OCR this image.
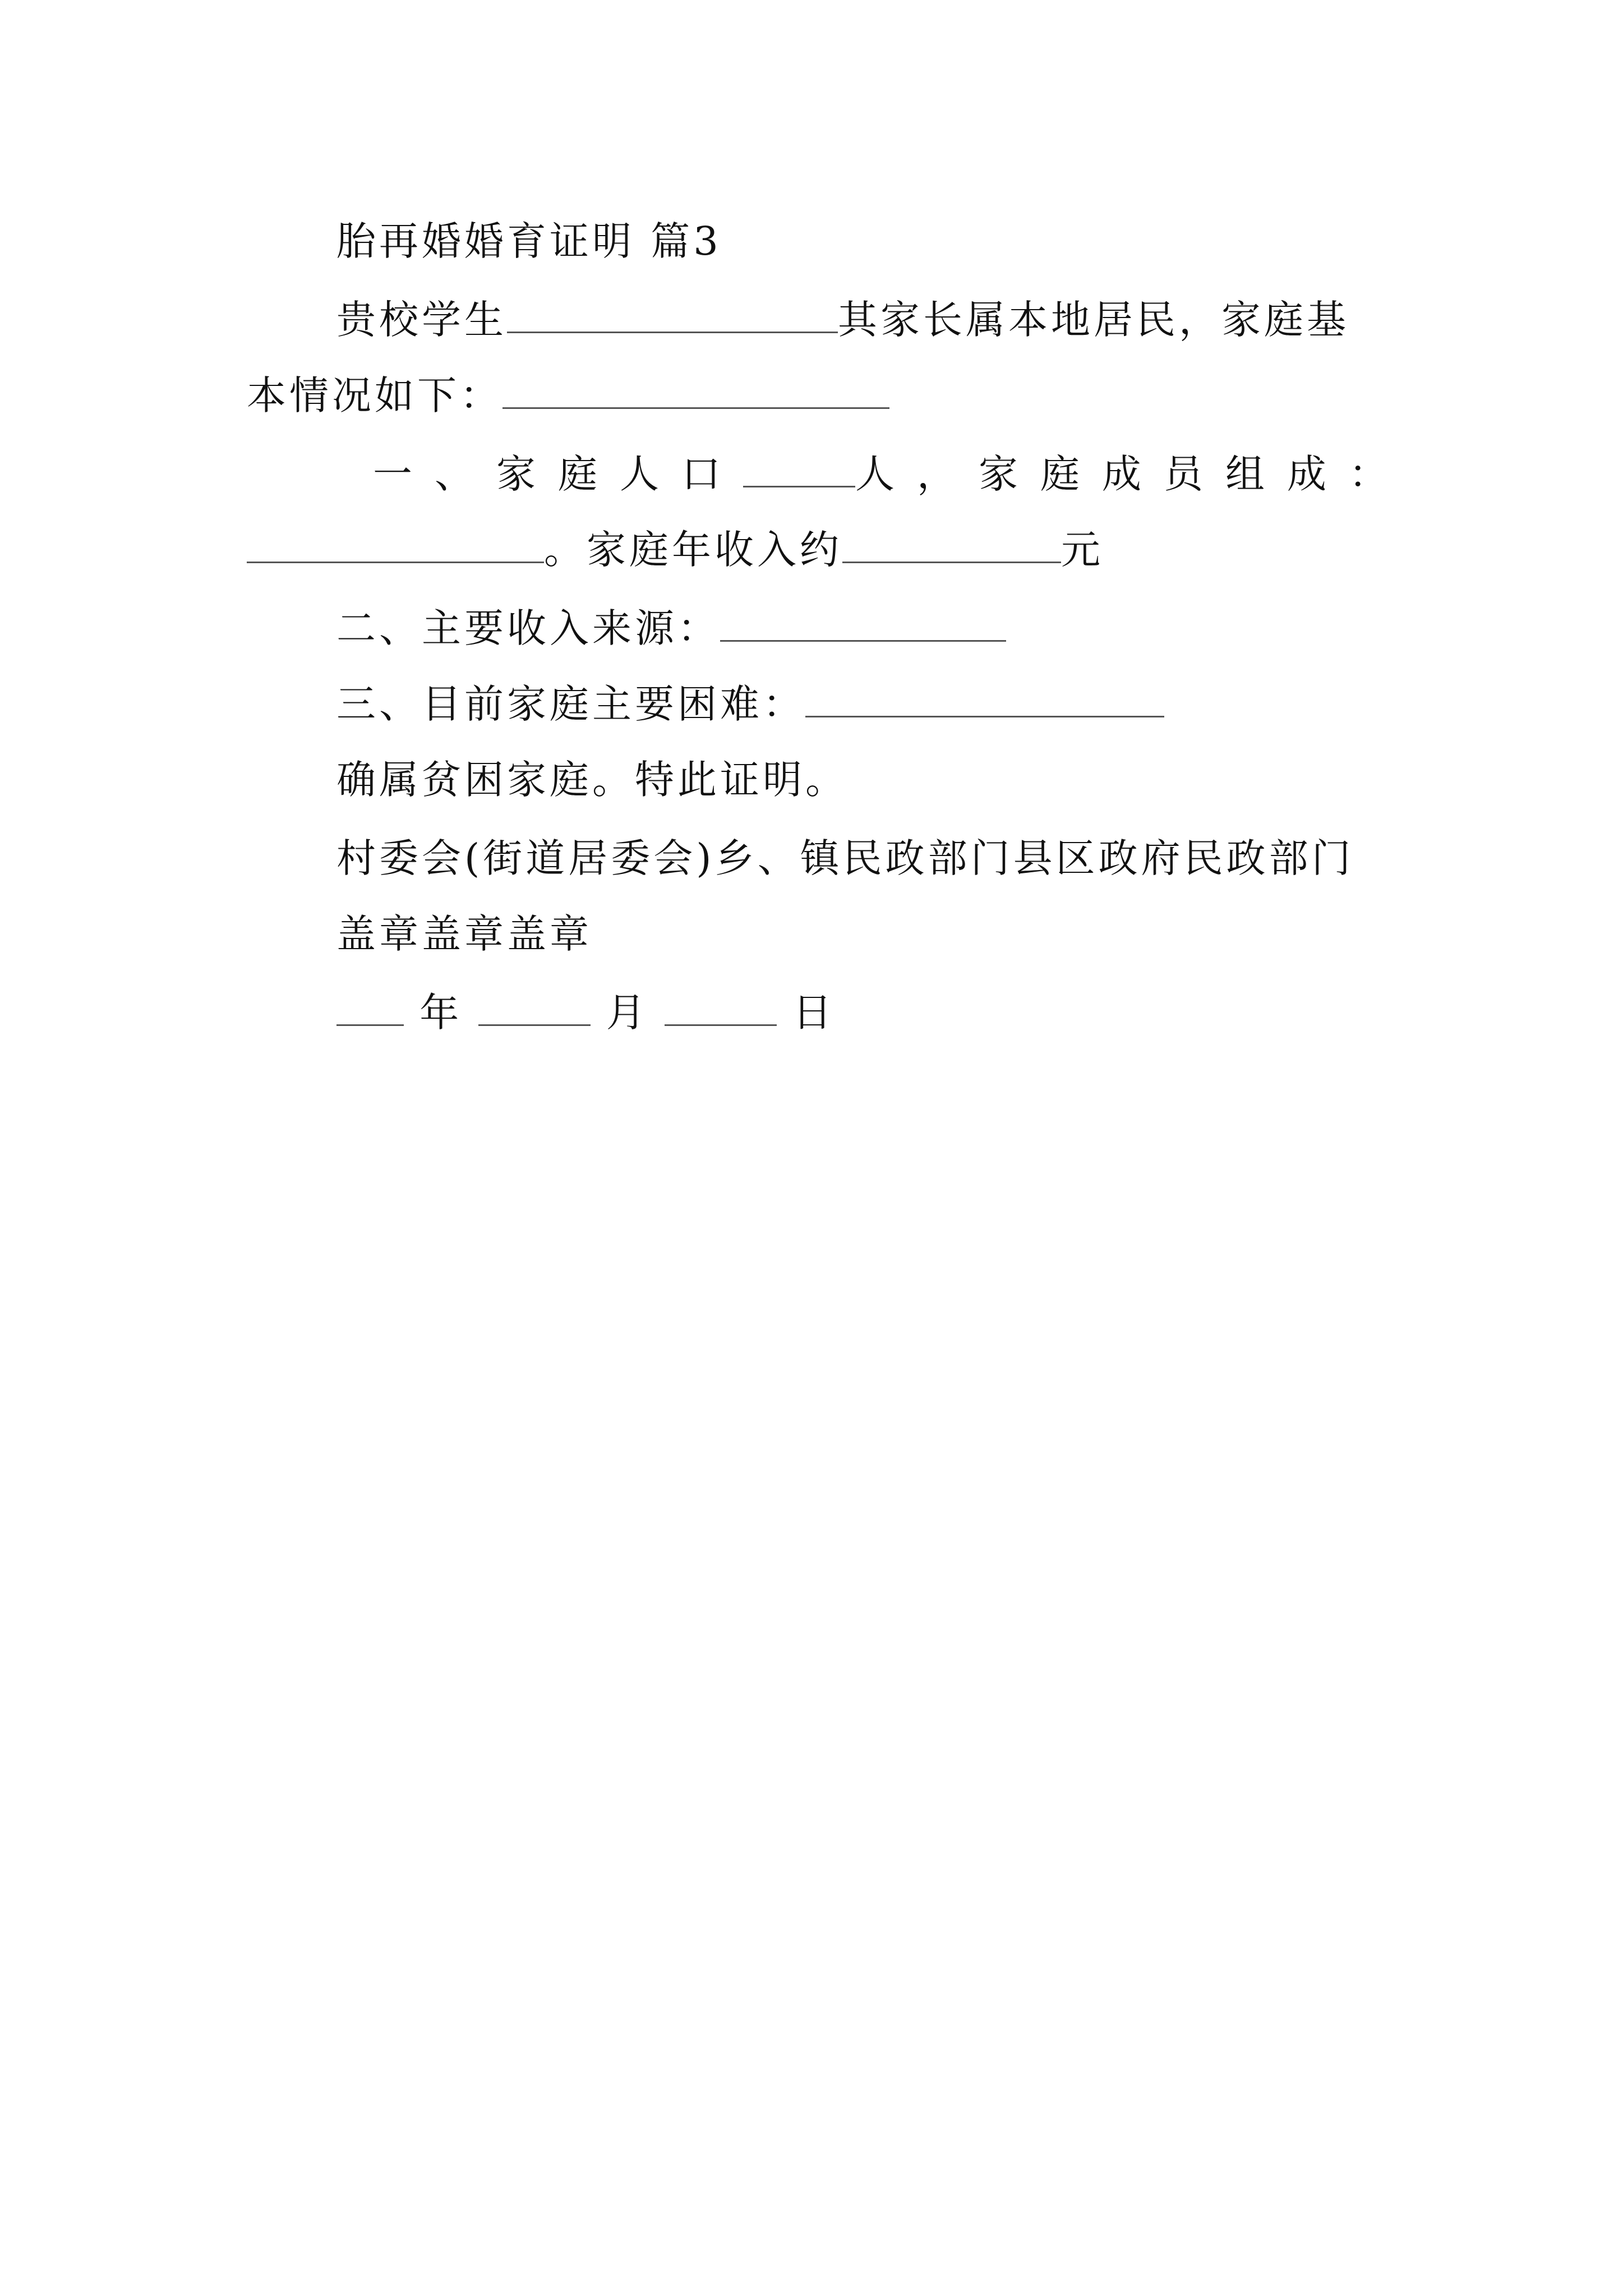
胎再婚婚育证明 篇3
贵校学生	其家长属本地居民，家庭基
本情况如下：
一、家庭人口	人，家庭成员组成：
。家庭年收入约	元
二、主要收入来源：
三、目前家庭主要困难：
确属贫困家庭。特此证明。
村委会(街道居委会)乡、镇民政部门县区政府民政部门
盖章盖章盖章
年	月	日
